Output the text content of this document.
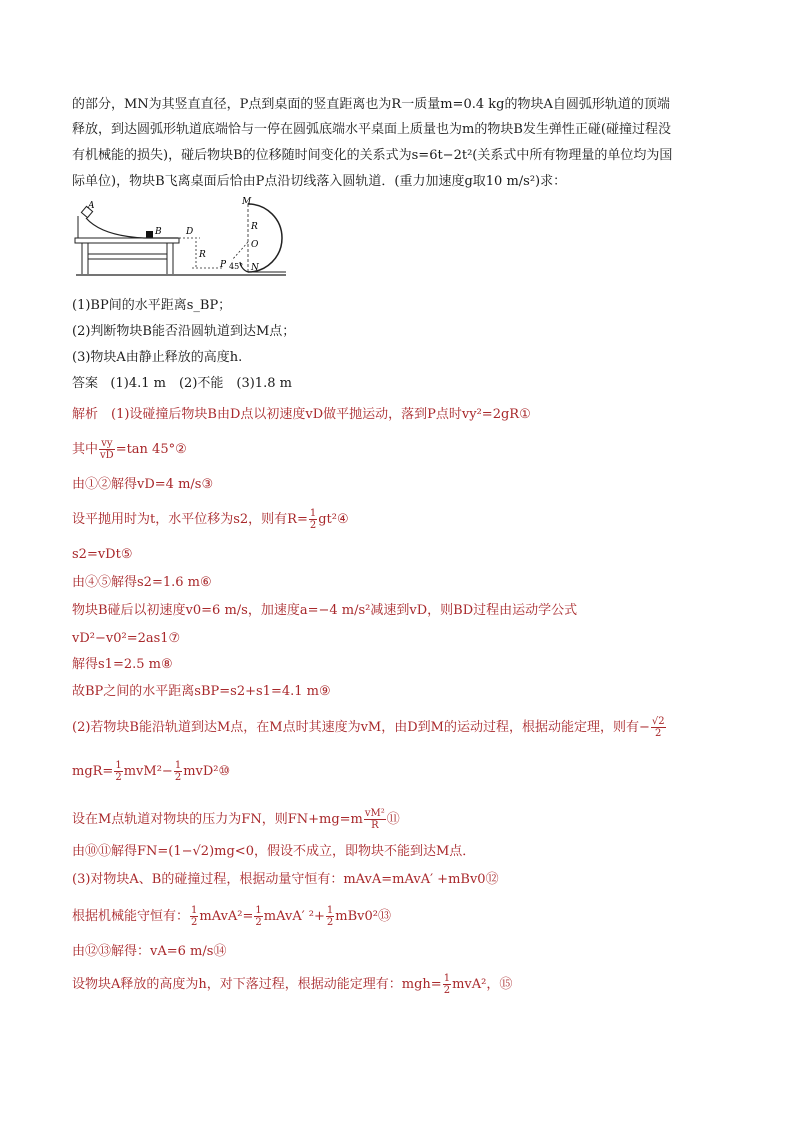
的部分，MN为其竖直直径，P点到桌面的竖直距离也为R一质量m=0.4 kg的物块A自圆弧形轨道的顶端
释放，到达圆弧形轨道底端恰与一停在圆弧底端水平桌面上质量也为m的物块B发生弹性正碰(碰撞过程没
有机械能的损失)，碰后物块B的位移随时间变化的关系式为s=6t−2t²(关系式中所有物理量的单位均为国
际单位)，物块B飞离桌面后恰由P点沿切线落入圆轨道．(重力加速度g取10 m/s²)求：
A
B	D
R
P 45°
M
R
O
N
(1)BP间的水平距离s_BP；
(2)判断物块B能否沿圆轨道到达M点；
(3)物块A由静止释放的高度h.
答案 (1)4.1 m　(2)不能　(3)1.8 m
解析　(1)设碰撞后物块B由D点以初速度vD做平抛运动，落到P点时vy²=2gR①
其中 $\frac{vy}{vD} =\tan$ 45°②
由①②解得vD=4 m/s③
设平抛用时为t，水平位移为s2，则有$R= \frac{1}{2}$ gt²④
s2=vDt⑤
由④⑤解得s2=1.6 m⑥
物块B碰后以初速度v0=6 m/s，加速度a=−4 m/s²减速到vD，则BD过程由运动学公式
vD²−v0²=2as1⑦
解得s1=2.5 m⑧
故BP之间的水平距离sBP=s2+s1=4.1 m⑨
(2)若物块B能沿轨道到达M点，在M点时其速度为vM，由D到M的运动过程，根据动能定理，则有− $\frac{√2}{2}$
$mgR= \frac{1}{2} mvM^2- \frac{1}{2}$ mvD²⑩
设在M点轨道对物块的压力为FN，则$FN+mg=m \frac{\text{vM²}}{R}$ ⑪
由⑩⑪解得FN=(1−√2)mg<0，假设不成立，即物块不能到达M点．
(3)对物块A、B的碰撞过程，根据动量守恒有：mAvA=mAvA′ +mBv0⑫
根据机械能守恒有： $\frac{1}{2}$ mAvA²= $\frac{1}{2}$ mAvA′ $^2+ \frac{1}{2}$ mBv0²⑬
由⑫⑬解得：vA=6 m/s⑭
设物块A释放的高度为h，对下落过程，根据动能定理有：$mgh= \frac{1}{2} mvA^2$，⑮
